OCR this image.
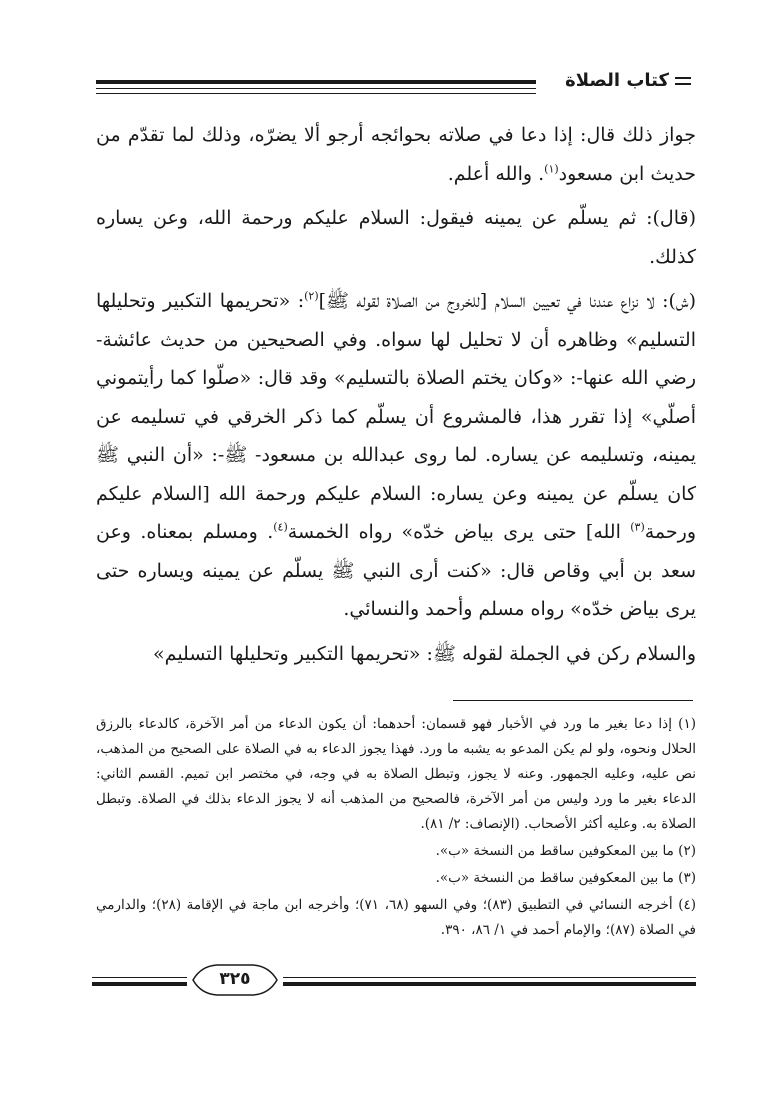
كتاب الصلاة

جواز ذلك قال: إذا دعا في صلاته بحوائجه أرجو ألا يضرّه، وذلك لما تقدّم من حديث ابن مسعود$^{(١)}$. والله أعلم.

(قال): ثم يسلّم عن يمينه فيقول: السلام عليكم ورحمة الله، وعن يساره كذلك.

(ش): لا نزاع عندنا في تعيين السلام [للخروج من الصلاة لقوله ﷺ]$^{(٢)}$: «تحريمها التكبير وتحليلها التسليم» وظاهره أن لا تحليل لها سواه. وفي الصحيحين من حديث عائشة- رضي الله عنها-: «وكان يختم الصلاة بالتسليم» وقد قال: «صلّوا كما رأيتموني أصلّي» إذا تقرر هذا، فالمشروع أن يسلّم كما ذكر الخرقي في تسليمه عن يمينه، وتسليمه عن يساره. لما روى عبدالله بن مسعود- ﷺ-: «أن النبي ﷺ كان يسلّم عن يمينه وعن يساره: السلام عليكم ورحمة الله [السلام عليكم ورحمة$^{(٣)}$ الله] حتى يرى بياض خدّه» رواه الخمسة$^{(٤)}$. ومسلم بمعناه. وعن سعد بن أبي وقاص قال: «كنت أرى النبي ﷺ يسلّم عن يمينه ويساره حتى يرى بياض خدّه» رواه مسلم وأحمد والنسائي.

والسلام ركن في الجملة لقوله ﷺ: «تحريمها التكبير وتحليلها التسليم»

(١) إذا دعا بغير ما ورد في الأخبار فهو قسمان: أحدهما: أن يكون الدعاء من أمر الآخرة، كالدعاء بالرزق الحلال ونحوه، ولو لم يكن المدعو به يشبه ما ورد. فهذا يجوز الدعاء به في الصلاة على الصحيح من المذهب، نص عليه، وعليه الجمهور. وعنه لا يجوز، وتبطل الصلاة به في وجه، في مختصر ابن تميم. القسم الثاني: الدعاء بغير ما ورد وليس من أمر الآخرة، فالصحيح من المذهب أنه لا يجوز الدعاء بذلك في الصلاة. وتبطل الصلاة به. وعليه أكثر الأصحاب. (الإنصاف: ٢/ ٨١).

(٢) ما بين المعكوفين ساقط من النسخة «ب».

(٣) ما بين المعكوفين ساقط من النسخة «ب».

(٤) أخرجه النسائي في التطبيق (٨٣)؛ وفي السهو (٦٨، ٧١)؛ وأخرجه ابن ماجة في الإقامة (٢٨)؛ والدارمي في الصلاة (٨٧)؛ والإمام أحمد في ١/ ٨٦، ٣٩٠.

٣٢٥
